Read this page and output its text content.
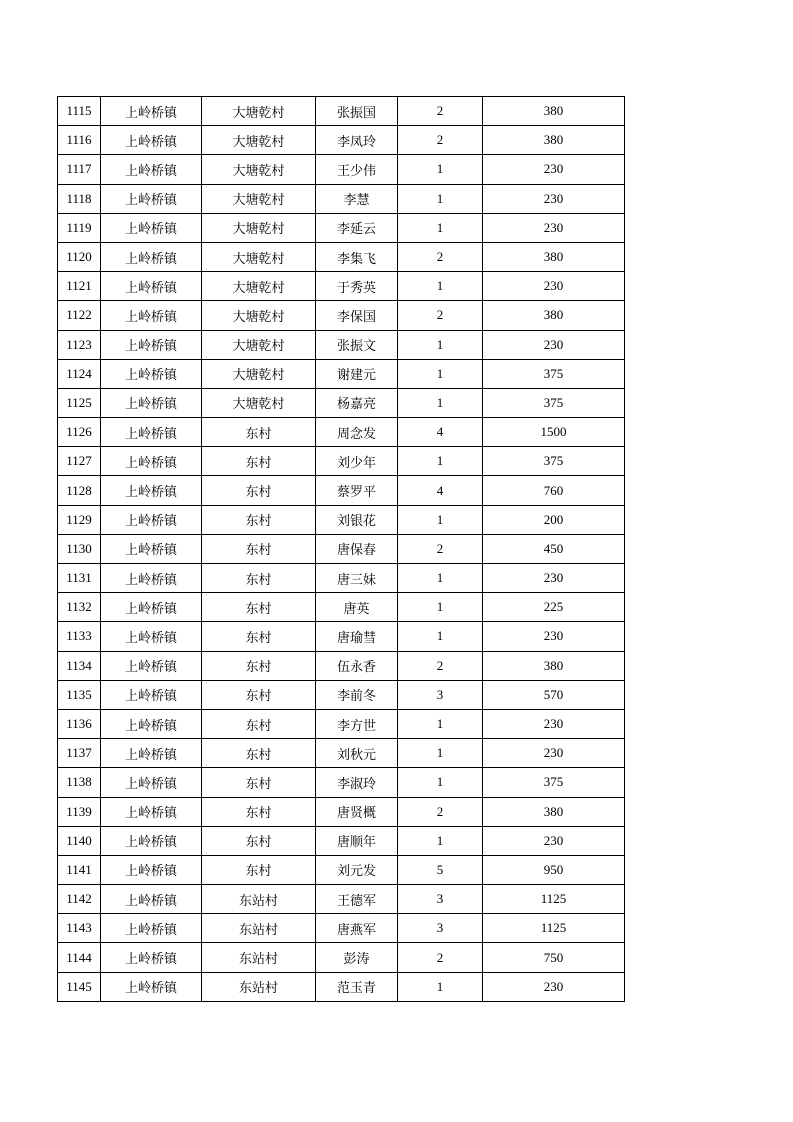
1115	上岭桥镇	大塘乾村	张振国	2	380
1116	上岭桥镇	大塘乾村	李凤玲	2	380
1117	上岭桥镇	大塘乾村	王少伟	1	230
1118	上岭桥镇	大塘乾村	李慧	1	230
1119	上岭桥镇	大塘乾村	李延云	1	230
1120	上岭桥镇	大塘乾村	李集飞	2	380
1121	上岭桥镇	大塘乾村	于秀英	1	230
1122	上岭桥镇	大塘乾村	李保国	2	380
1123	上岭桥镇	大塘乾村	张振文	1	230
1124	上岭桥镇	大塘乾村	谢建元	1	375
1125	上岭桥镇	大塘乾村	杨嘉亮	1	375
1126	上岭桥镇	东村	周念发	4	1500
1127	上岭桥镇	东村	刘少年	1	375
1128	上岭桥镇	东村	蔡罗平	4	760
1129	上岭桥镇	东村	刘银花	1	200
1130	上岭桥镇	东村	唐保春	2	450
1131	上岭桥镇	东村	唐三妹	1	230
1132	上岭桥镇	东村	唐英	1	225
1133	上岭桥镇	东村	唐瑜彗	1	230
1134	上岭桥镇	东村	伍永香	2	380
1135	上岭桥镇	东村	李前冬	3	570
1136	上岭桥镇	东村	李方世	1	230
1137	上岭桥镇	东村	刘秋元	1	230
1138	上岭桥镇	东村	李淑玲	1	375
1139	上岭桥镇	东村	唐贤概	2	380
1140	上岭桥镇	东村	唐顺年	1	230
1141	上岭桥镇	东村	刘元发	5	950
1142	上岭桥镇	东站村	王德军	3	1125
1143	上岭桥镇	东站村	唐燕军	3	1125
1144	上岭桥镇	东站村	彭涛	2	750
1145	上岭桥镇	东站村	范玉青	1	230
